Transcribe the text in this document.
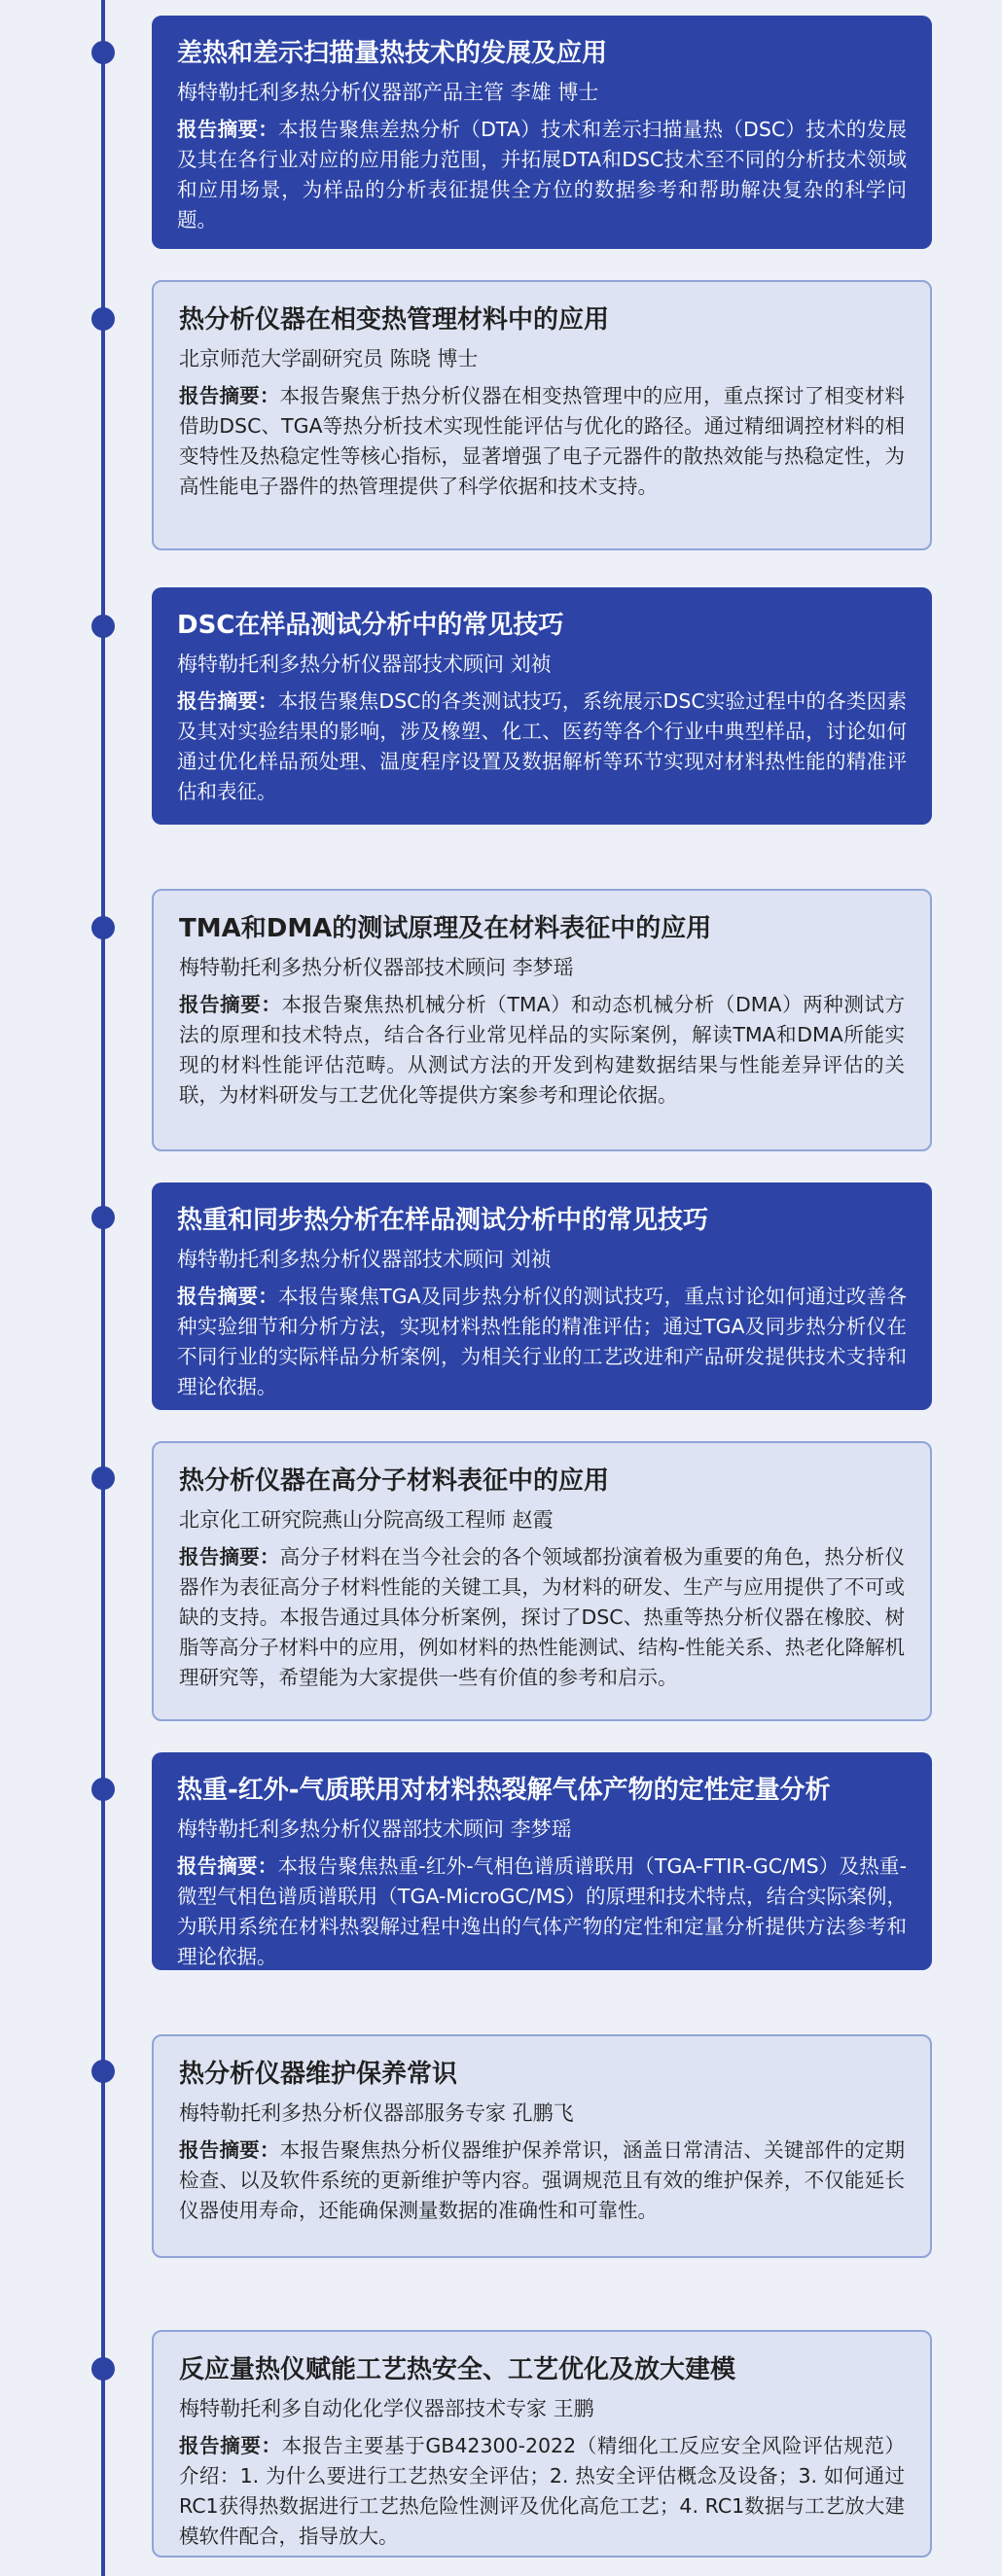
差热和差示扫描量热技术的发展及应用
梅特勒托利多热分析仪器部产品主管 李雄 博士

报告摘要：本报告聚焦差热分析（DTA）技术和差示扫描量热（DSC）技术的发展及其在各行业对应的应用能力范围，并拓展DTA和DSC技术至不同的分析技术领域和应用场景，为样品的分析表征提供全方位的数据参考和帮助解决复杂的科学问题。

热分析仪器在相变热管理材料中的应用
北京师范大学副研究员 陈晓 博士

报告摘要：本报告聚焦于热分析仪器在相变热管理中的应用，重点探讨了相变材料借助DSC、TGA等热分析技术实现性能评估与优化的路径。通过精细调控材料的相变特性及热稳定性等核心指标，显著增强了电子元器件的散热效能与热稳定性，为高性能电子器件的热管理提供了科学依据和技术支持。

DSC在样品测试分析中的常见技巧
梅特勒托利多热分析仪器部技术顾问 刘祯

报告摘要：本报告聚焦DSC的各类测试技巧，系统展示DSC实验过程中的各类因素及其对实验结果的影响，涉及橡塑、化工、医药等各个行业中典型样品，讨论如何通过优化样品预处理、温度程序设置及数据解析等环节实现对材料热性能的精准评估和表征。

TMA和DMA的测试原理及在材料表征中的应用
梅特勒托利多热分析仪器部技术顾问 李梦瑶

报告摘要：本报告聚焦热机械分析（TMA）和动态机械分析（DMA）两种测试方法的原理和技术特点，结合各行业常见样品的实际案例，解读TMA和DMA所能实现的材料性能评估范畴。从测试方法的开发到构建数据结果与性能差异评估的关联，为材料研发与工艺优化等提供方案参考和理论依据。

热重和同步热分析在样品测试分析中的常见技巧
梅特勒托利多热分析仪器部技术顾问 刘祯

报告摘要：本报告聚焦TGA及同步热分析仪的测试技巧，重点讨论如何通过改善各种实验细节和分析方法，实现材料热性能的精准评估；通过TGA及同步热分析仪在不同行业的实际样品分析案例，为相关行业的工艺改进和产品研发提供技术支持和理论依据。

热分析仪器在高分子材料表征中的应用
北京化工研究院燕山分院高级工程师 赵霞

报告摘要：高分子材料在当今社会的各个领域都扮演着极为重要的角色，热分析仪器作为表征高分子材料性能的关键工具，为材料的研发、生产与应用提供了不可或缺的支持。本报告通过具体分析案例，探讨了DSC、热重等热分析仪器在橡胶、树脂等高分子材料中的应用，例如材料的热性能测试、结构-性能关系、热老化降解机理研究等，希望能为大家提供一些有价值的参考和启示。

热重-红外-气质联用对材料热裂解气体产物的定性定量分析
梅特勒托利多热分析仪器部技术顾问 李梦瑶

报告摘要：本报告聚焦热重-红外-气相色谱质谱联用（TGA-FTIR-GC/MS）及热重-微型气相色谱质谱联用（TGA-MicroGC/MS）的原理和技术特点，结合实际案例，为联用系统在材料热裂解过程中逸出的气体产物的定性和定量分析提供方法参考和理论依据。

热分析仪器维护保养常识
梅特勒托利多热分析仪器部服务专家 孔鹏飞

报告摘要：本报告聚焦热分析仪器维护保养常识，涵盖日常清洁、关键部件的定期检查、以及软件系统的更新维护等内容。强调规范且有效的维护保养，不仅能延长仪器使用寿命，还能确保测量数据的准确性和可靠性。

反应量热仪赋能工艺热安全、工艺优化及放大建模
梅特勒托利多自动化化学仪器部技术专家 王鹏

报告摘要：本报告主要基于GB42300-2022（精细化工反应安全风险评估规范）介绍：1. 为什么要进行工艺热安全评估；2. 热安全评估概念及设备；3. 如何通过RC1获得热数据进行工艺热危险性测评及优化高危工艺；4. RC1数据与工艺放大建模软件配合，指导放大。
